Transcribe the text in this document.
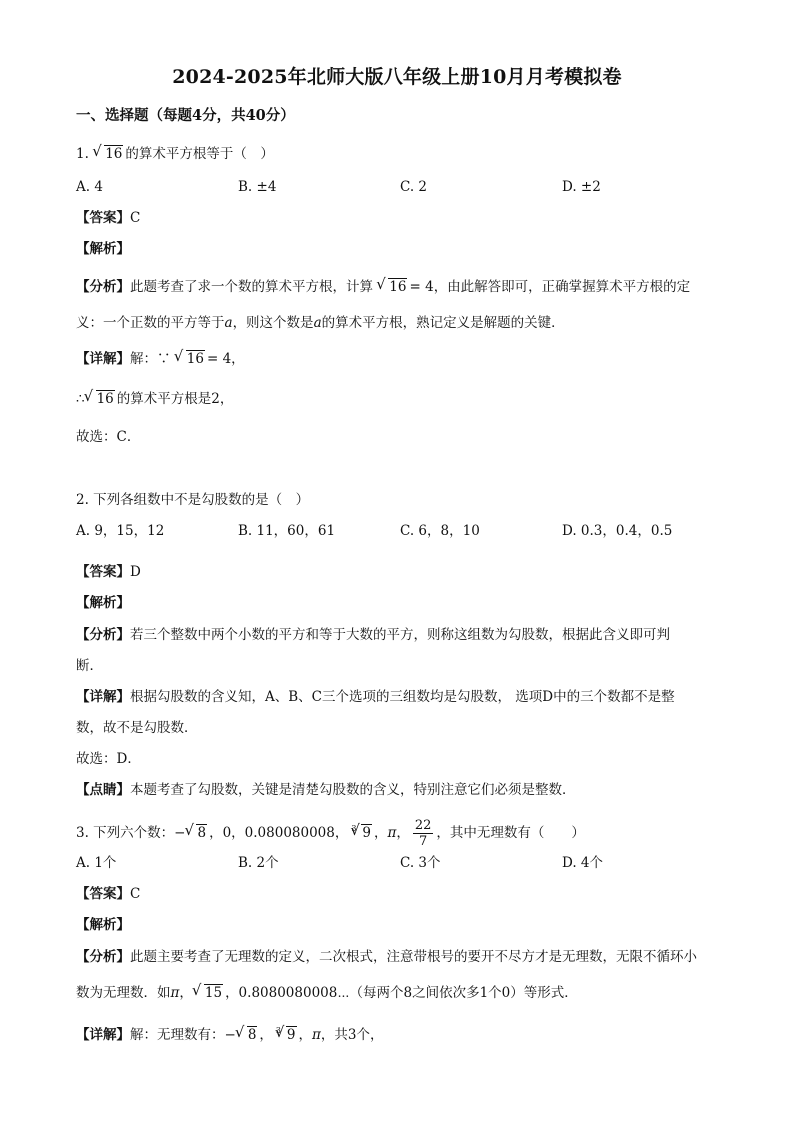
2024-2025年北师大版八年级上册10月月考模拟卷
一、选择题（每题4分，共40分）
1. √ 16 的算术平方根等于（　）
A. 4	B. ±4	C. 2	D. ±2
【答案】C
【解析】
【分析】此题考查了求一个数的算术平方根，计算 √ 16 = 4，由此解答即可，正确掌握算术平方根的定
义：一个正数的平方等于a，则这个数是a的算术平方根，熟记定义是解题的关键．
【详解】解：∵ √ 16 = 4，
∴ √ 16 的算术平方根是2，
故选：C．
2. 下列各组数中不是勾股数的是（　）
A. 9，15，12	B. 11，60，61	C. 6，8，10	D. 0.3，0.4，0.5
【答案】D
【解析】
【分析】若三个整数中两个小数的平方和等于大数的平方，则称这组数为勾股数，根据此含义即可判
断．
【详解】根据勾股数的含义知，A、B、C三个选项的三组数均是勾股数， 选项D中的三个数都不是整
数，故不是勾股数．
故选：D．
【点睛】本题考查了勾股数，关键是清楚勾股数的含义，特别注意它们必须是整数．
3. 下列六个数：− √ 8 ，0，0.080080008， √ 3 9 ，π， $\frac{22}{7}$ ，其中无理数有（　　）
A. 1个	B. 2个	C. 3个	D. 4个
【答案】C
【解析】
【分析】此题主要考查了无理数的定义，二次根式，注意带根号的要开不尽方才是无理数，无限不循环小
数为无理数．如π， √ 15 ，0.8080080008⋯（每两个8之间依次多1个0）等形式．
【详解】解：无理数有：− √ 8 ， √ 3 9 ，π，共3个，
